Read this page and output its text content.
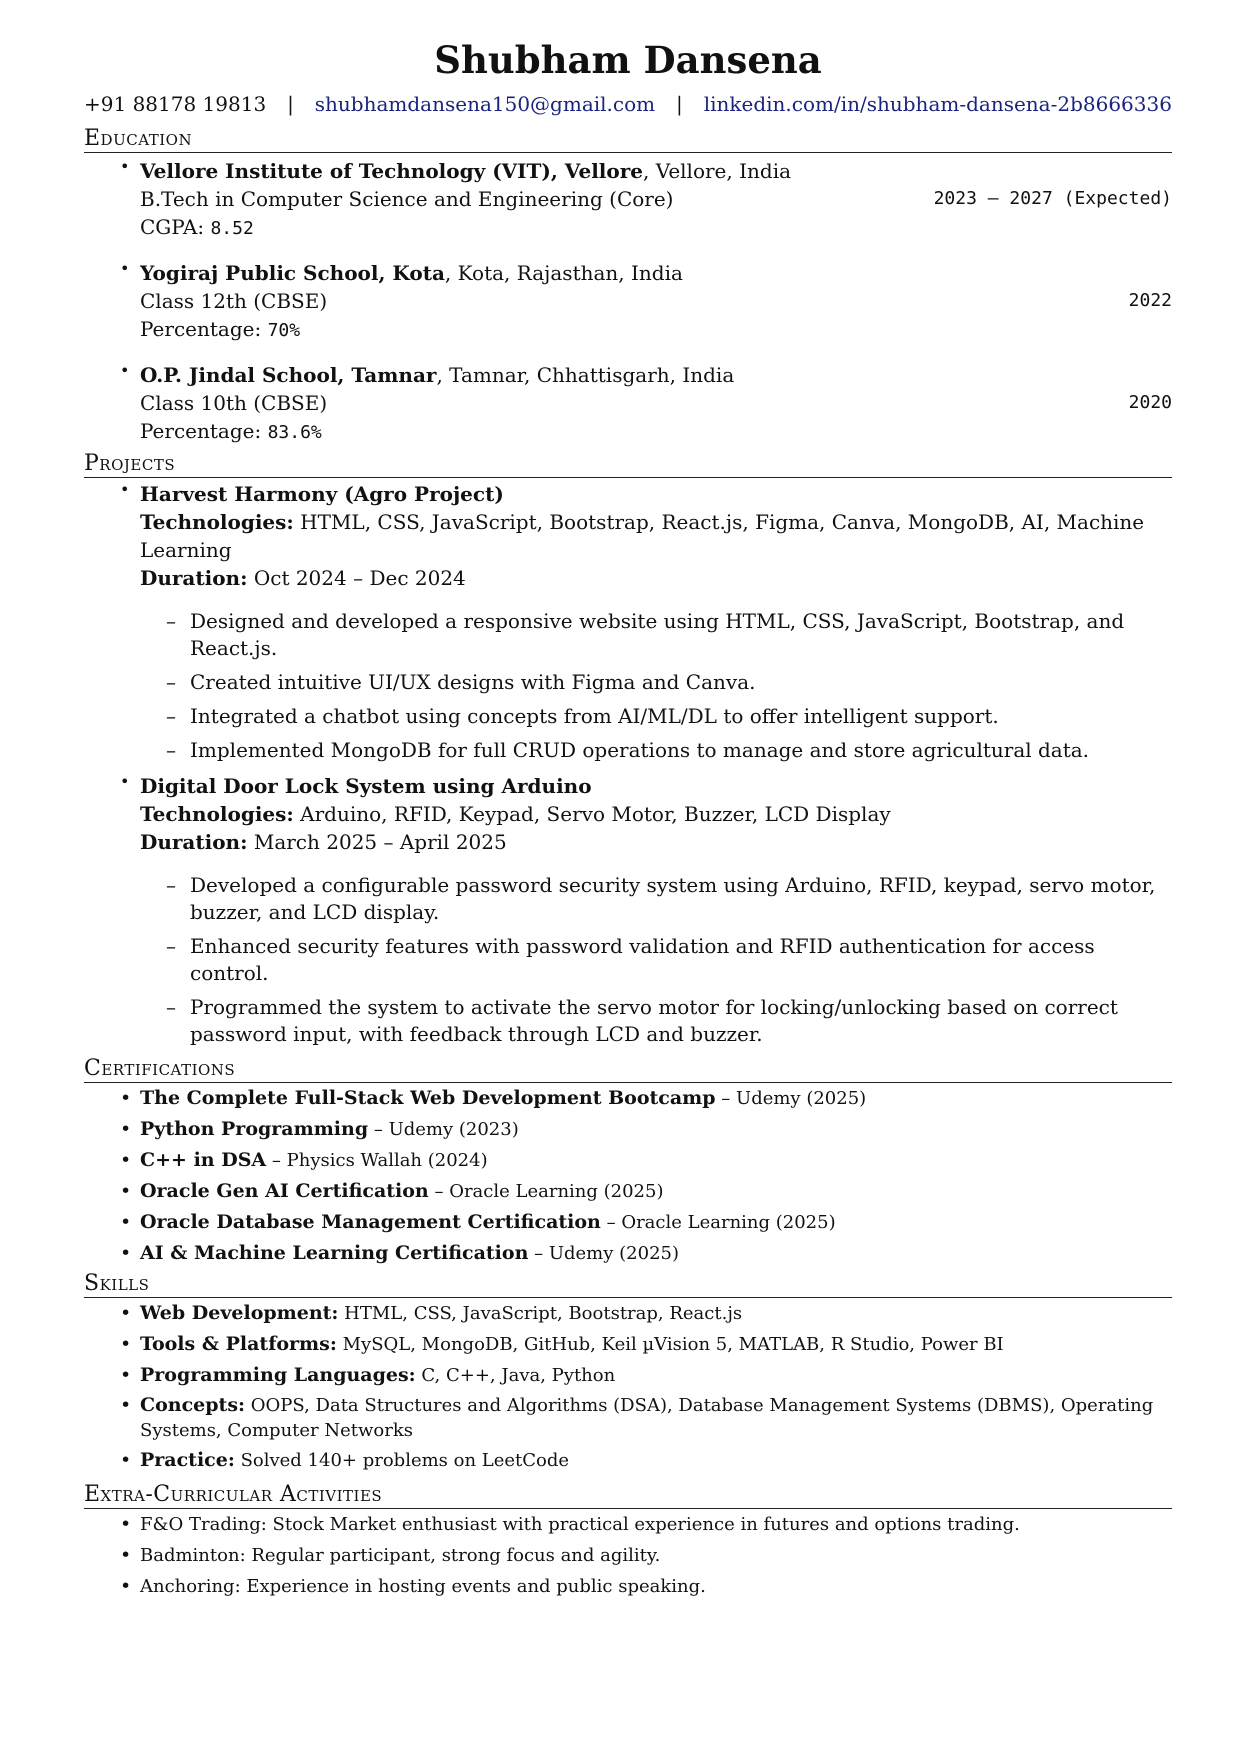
Shubham Dansena
+91 88178 19813 | shubhamdansena150@gmail.com | linkedin.com/in/shubham-dansena-2b8666336
Education
• Vellore Institute of Technology (VIT), Vellore, Vellore, India
B.Tech in Computer Science and Engineering (Core)	2023 – 2027 (Expected)
CGPA: 8.52
• Yogiraj Public School, Kota, Kota, Rajasthan, India
Class 12th (CBSE)	2022
Percentage: 70%
• O.P. Jindal School, Tamnar, Tamnar, Chhattisgarh, India
Class 10th (CBSE)	2020
Percentage: 83.6%
Projects
• Harvest Harmony (Agro Project)
Technologies: HTML, CSS, JavaScript, Bootstrap, React.js, Figma, Canva, MongoDB, AI, Machine Learning
Duration: Oct 2024 – Dec 2024
– Designed and developed a responsive website using HTML, CSS, JavaScript, Bootstrap, and React.js.
– Created intuitive UI/UX designs with Figma and Canva.
– Integrated a chatbot using concepts from AI/ML/DL to offer intelligent support.
– Implemented MongoDB for full CRUD operations to manage and store agricultural data.
• Digital Door Lock System using Arduino
Technologies: Arduino, RFID, Keypad, Servo Motor, Buzzer, LCD Display
Duration: March 2025 – April 2025
– Developed a configurable password security system using Arduino, RFID, keypad, servo motor, buzzer, and LCD display.
– Enhanced security features with password validation and RFID authentication for access control.
– Programmed the system to activate the servo motor for locking/unlocking based on correct password input, with feedback through LCD and buzzer.
Certifications
• The Complete Full-Stack Web Development Bootcamp – Udemy (2025)
• Python Programming – Udemy (2023)
• C++ in DSA – Physics Wallah (2024)
• Oracle Gen AI Certification – Oracle Learning (2025)
• Oracle Database Management Certification – Oracle Learning (2025)
• AI & Machine Learning Certification – Udemy (2025)
Skills
• Web Development: HTML, CSS, JavaScript, Bootstrap, React.js
• Tools & Platforms: MySQL, MongoDB, GitHub, Keil µVision 5, MATLAB, R Studio, Power BI
• Programming Languages: C, C++, Java, Python
• Concepts: OOPS, Data Structures and Algorithms (DSA), Database Management Systems (DBMS), Operating Systems, Computer Networks
• Practice: Solved 140+ problems on LeetCode
Extra-Curricular Activities
• F&O Trading: Stock Market enthusiast with practical experience in futures and options trading.
• Badminton: Regular participant, strong focus and agility.
• Anchoring: Experience in hosting events and public speaking.
